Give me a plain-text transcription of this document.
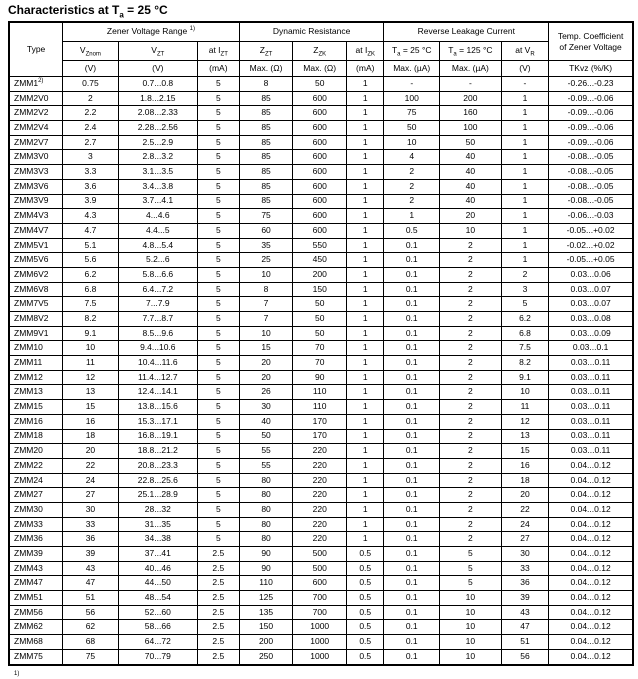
Characteristics at $T_a = 25$ °C
Type	Zener Voltage Range $^{1)}$			Dynamic Resistance			Reverse Leakage Current			Temp. Coefficient
of Zener Voltage

	$V_{Znom}$	$V_{ZT}$	at $I_{ZT}$	$Z_{ZT}$	$Z_{ZK}$	at $I_{ZK}$	$T_a = 25$ °C	$T_a = 125$ °C	at $V_R$
	(V)	(V)	(mA)	Max. (Ω)	Max. (Ω)	(mA)	Max. (µA)	Max. (µA)	(V)	TKvz (%/K)
ZMM1$^{2)}$	0.75	0.7...0.8	5	8	50	1	-	-	-	-0.26...-0.23
ZMM2V0	2	1.8...2.15	5	85	600	1	100	200	1	-0.09...-0.06
ZMM2V2	2.2	2.08...2.33	5	85	600	1	75	160	1	-0.09...-0.06
ZMM2V4	2.4	2.28...2.56	5	85	600	1	50	100	1	-0.09...-0.06
ZMM2V7	2.7	2.5...2.9	5	85	600	1	10	50	1	-0.09...-0.06
ZMM3V0	3	2.8...3.2	5	85	600	1	4	40	1	-0.08...-0.05
ZMM3V3	3.3	3.1...3.5	5	85	600	1	2	40	1	-0.08...-0.05
ZMM3V6	3.6	3.4...3.8	5	85	600	1	2	40	1	-0.08...-0.05
ZMM3V9	3.9	3.7...4.1	5	85	600	1	2	40	1	-0.08...-0.05
ZMM4V3	4.3	4...4.6	5	75	600	1	1	20	1	-0.06...-0.03
ZMM4V7	4.7	4.4...5	5	60	600	1	0.5	10	1	-0.05...+0.02
ZMM5V1	5.1	4.8...5.4	5	35	550	1	0.1	2	1	-0.02...+0.02
ZMM5V6	5.6	5.2...6	5	25	450	1	0.1	2	1	-0.05...+0.05
ZMM6V2	6.2	5.8...6.6	5	10	200	1	0.1	2	2	0.03...0.06
ZMM6V8	6.8	6.4...7.2	5	8	150	1	0.1	2	3	0.03...0.07
ZMM7V5	7.5	7...7.9	5	7	50	1	0.1	2	5	0.03...0.07
ZMM8V2	8.2	7.7...8.7	5	7	50	1	0.1	2	6.2	0.03...0.08
ZMM9V1	9.1	8.5...9.6	5	10	50	1	0.1	2	6.8	0.03...0.09
ZMM10	10	9.4...10.6	5	15	70	1	0.1	2	7.5	0.03...0.1
ZMM11	11	10.4...11.6	5	20	70	1	0.1	2	8.2	0.03...0.11
ZMM12	12	11.4...12.7	5	20	90	1	0.1	2	9.1	0.03...0.11
ZMM13	13	12.4...14.1	5	26	110	1	0.1	2	10	0.03...0.11
ZMM15	15	13.8...15.6	5	30	110	1	0.1	2	11	0.03...0.11
ZMM16	16	15.3...17.1	5	40	170	1	0.1	2	12	0.03...0.11
ZMM18	18	16.8...19.1	5	50	170	1	0.1	2	13	0.03...0.11
ZMM20	20	18.8...21.2	5	55	220	1	0.1	2	15	0.03...0.11
ZMM22	22	20.8...23.3	5	55	220	1	0.1	2	16	0.04...0.12
ZMM24	24	22.8...25.6	5	80	220	1	0.1	2	18	0.04...0.12
ZMM27	27	25.1...28.9	5	80	220	1	0.1	2	20	0.04...0.12
ZMM30	30	28...32	5	80	220	1	0.1	2	22	0.04...0.12
ZMM33	33	31...35	5	80	220	1	0.1	2	24	0.04...0.12
ZMM36	36	34...38	5	80	220	1	0.1	2	27	0.04...0.12
ZMM39	39	37...41	2.5	90	500	0.5	0.1	5	30	0.04...0.12
ZMM43	43	40...46	2.5	90	500	0.5	0.1	5	33	0.04...0.12
ZMM47	47	44...50	2.5	110	600	0.5	0.1	5	36	0.04...0.12
ZMM51	51	48...54	2.5	125	700	0.5	0.1	10	39	0.04...0.12
ZMM56	56	52...60	2.5	135	700	0.5	0.1	10	43	0.04...0.12
ZMM62	62	58...66	2.5	150	1000	0.5	0.1	10	47	0.04...0.12
ZMM68	68	64...72	2.5	200	1000	0.5	0.1	10	51	0.04...0.12
ZMM75	75	70...79	2.5	250	1000	0.5	0.1	10	56	0.04...0.12
$^{1)}$
